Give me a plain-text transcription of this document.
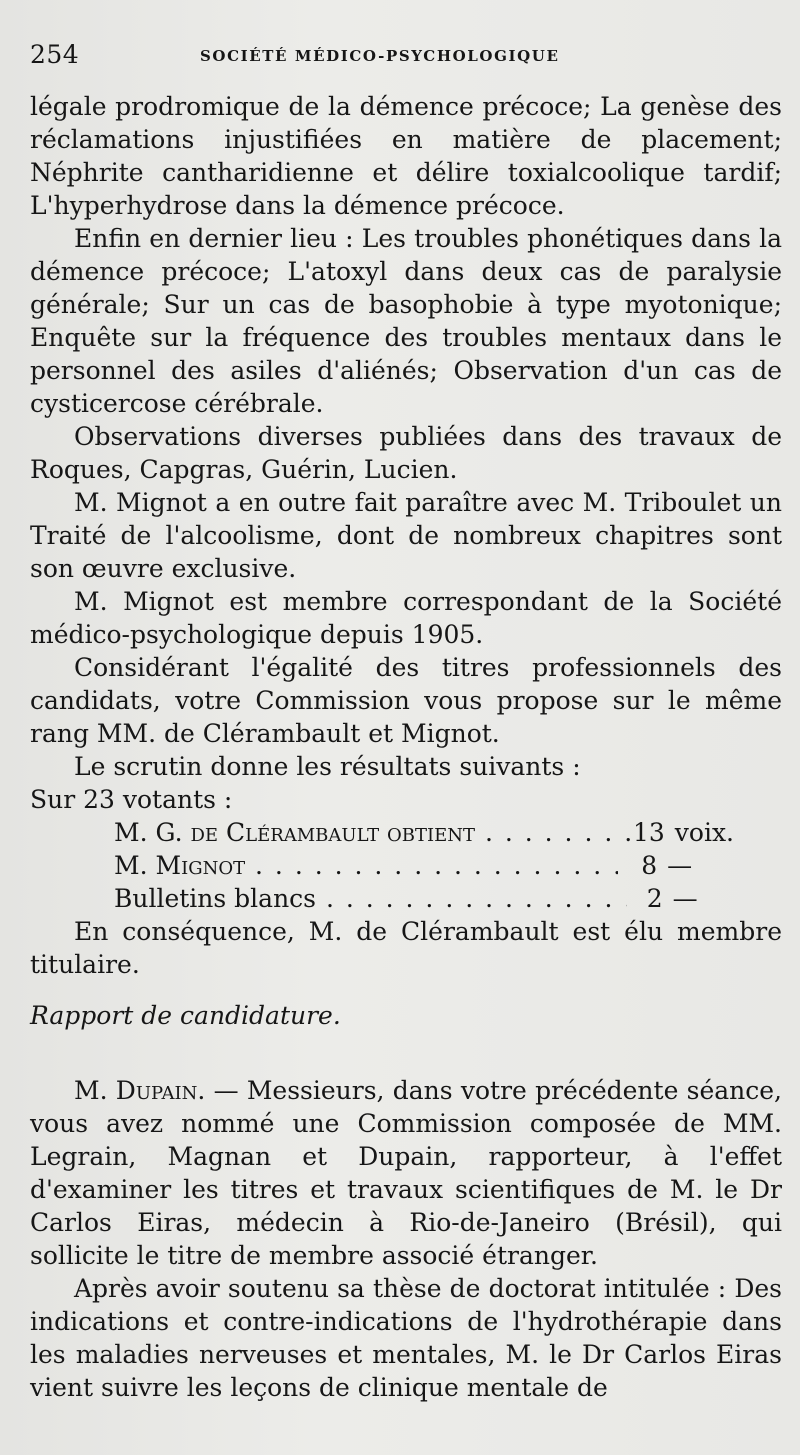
254	SOCIÉTÉ MÉDICO-PSYCHOLOGIQUE

légale prodromique de la démence précoce; La genèse des réclamations injustifiées en matière de placement; Néphrite cantharidienne et délire toxialcoolique tardif; L'hyperhydrose dans la démence précoce.

Enfin en dernier lieu : Les troubles phonétiques dans la démence précoce; L'atoxyl dans deux cas de paralysie générale; Sur un cas de basophobie à type myotonique; Enquête sur la fréquence des troubles mentaux dans le personnel des asiles d'aliénés; Observation d'un cas de cysticercose cérébrale.

Observations diverses publiées dans des travaux de Roques, Capgras, Guérin, Lucien.

M. Mignot a en outre fait paraître avec M. Triboulet un Traité de l'alcoolisme, dont de nombreux chapitres sont son œuvre exclusive.

M. Mignot est membre correspondant de la Société médico-psychologique depuis 1905.

Considérant l'égalité des titres professionnels des candidats, votre Commission vous propose sur le même rang MM. de Clérambault et Mignot.

Le scrutin donne les résultats suivants :

Sur 23 votants :

M. G. de Clérambault obtient . . .	13 voix.
M. Mignot . . .	8 —
Bulletins blancs . . .	2 —

En conséquence, M. de Clérambault est élu membre titulaire.

Rapport de candidature.

M. Dupain. — Messieurs, dans votre précédente séance, vous avez nommé une Commission composée de MM. Legrain, Magnan et Dupain, rapporteur, à l'effet d'examiner les titres et travaux scientifiques de M. le Dr Carlos Eiras, médecin à Rio-de-Janeiro (Brésil), qui sollicite le titre de membre associé étranger.

Après avoir soutenu sa thèse de doctorat intitulée : Des indications et contre-indications de l'hydrothérapie dans les maladies nerveuses et mentales, M. le Dr Carlos Eiras vient suivre les leçons de clinique mentale de
